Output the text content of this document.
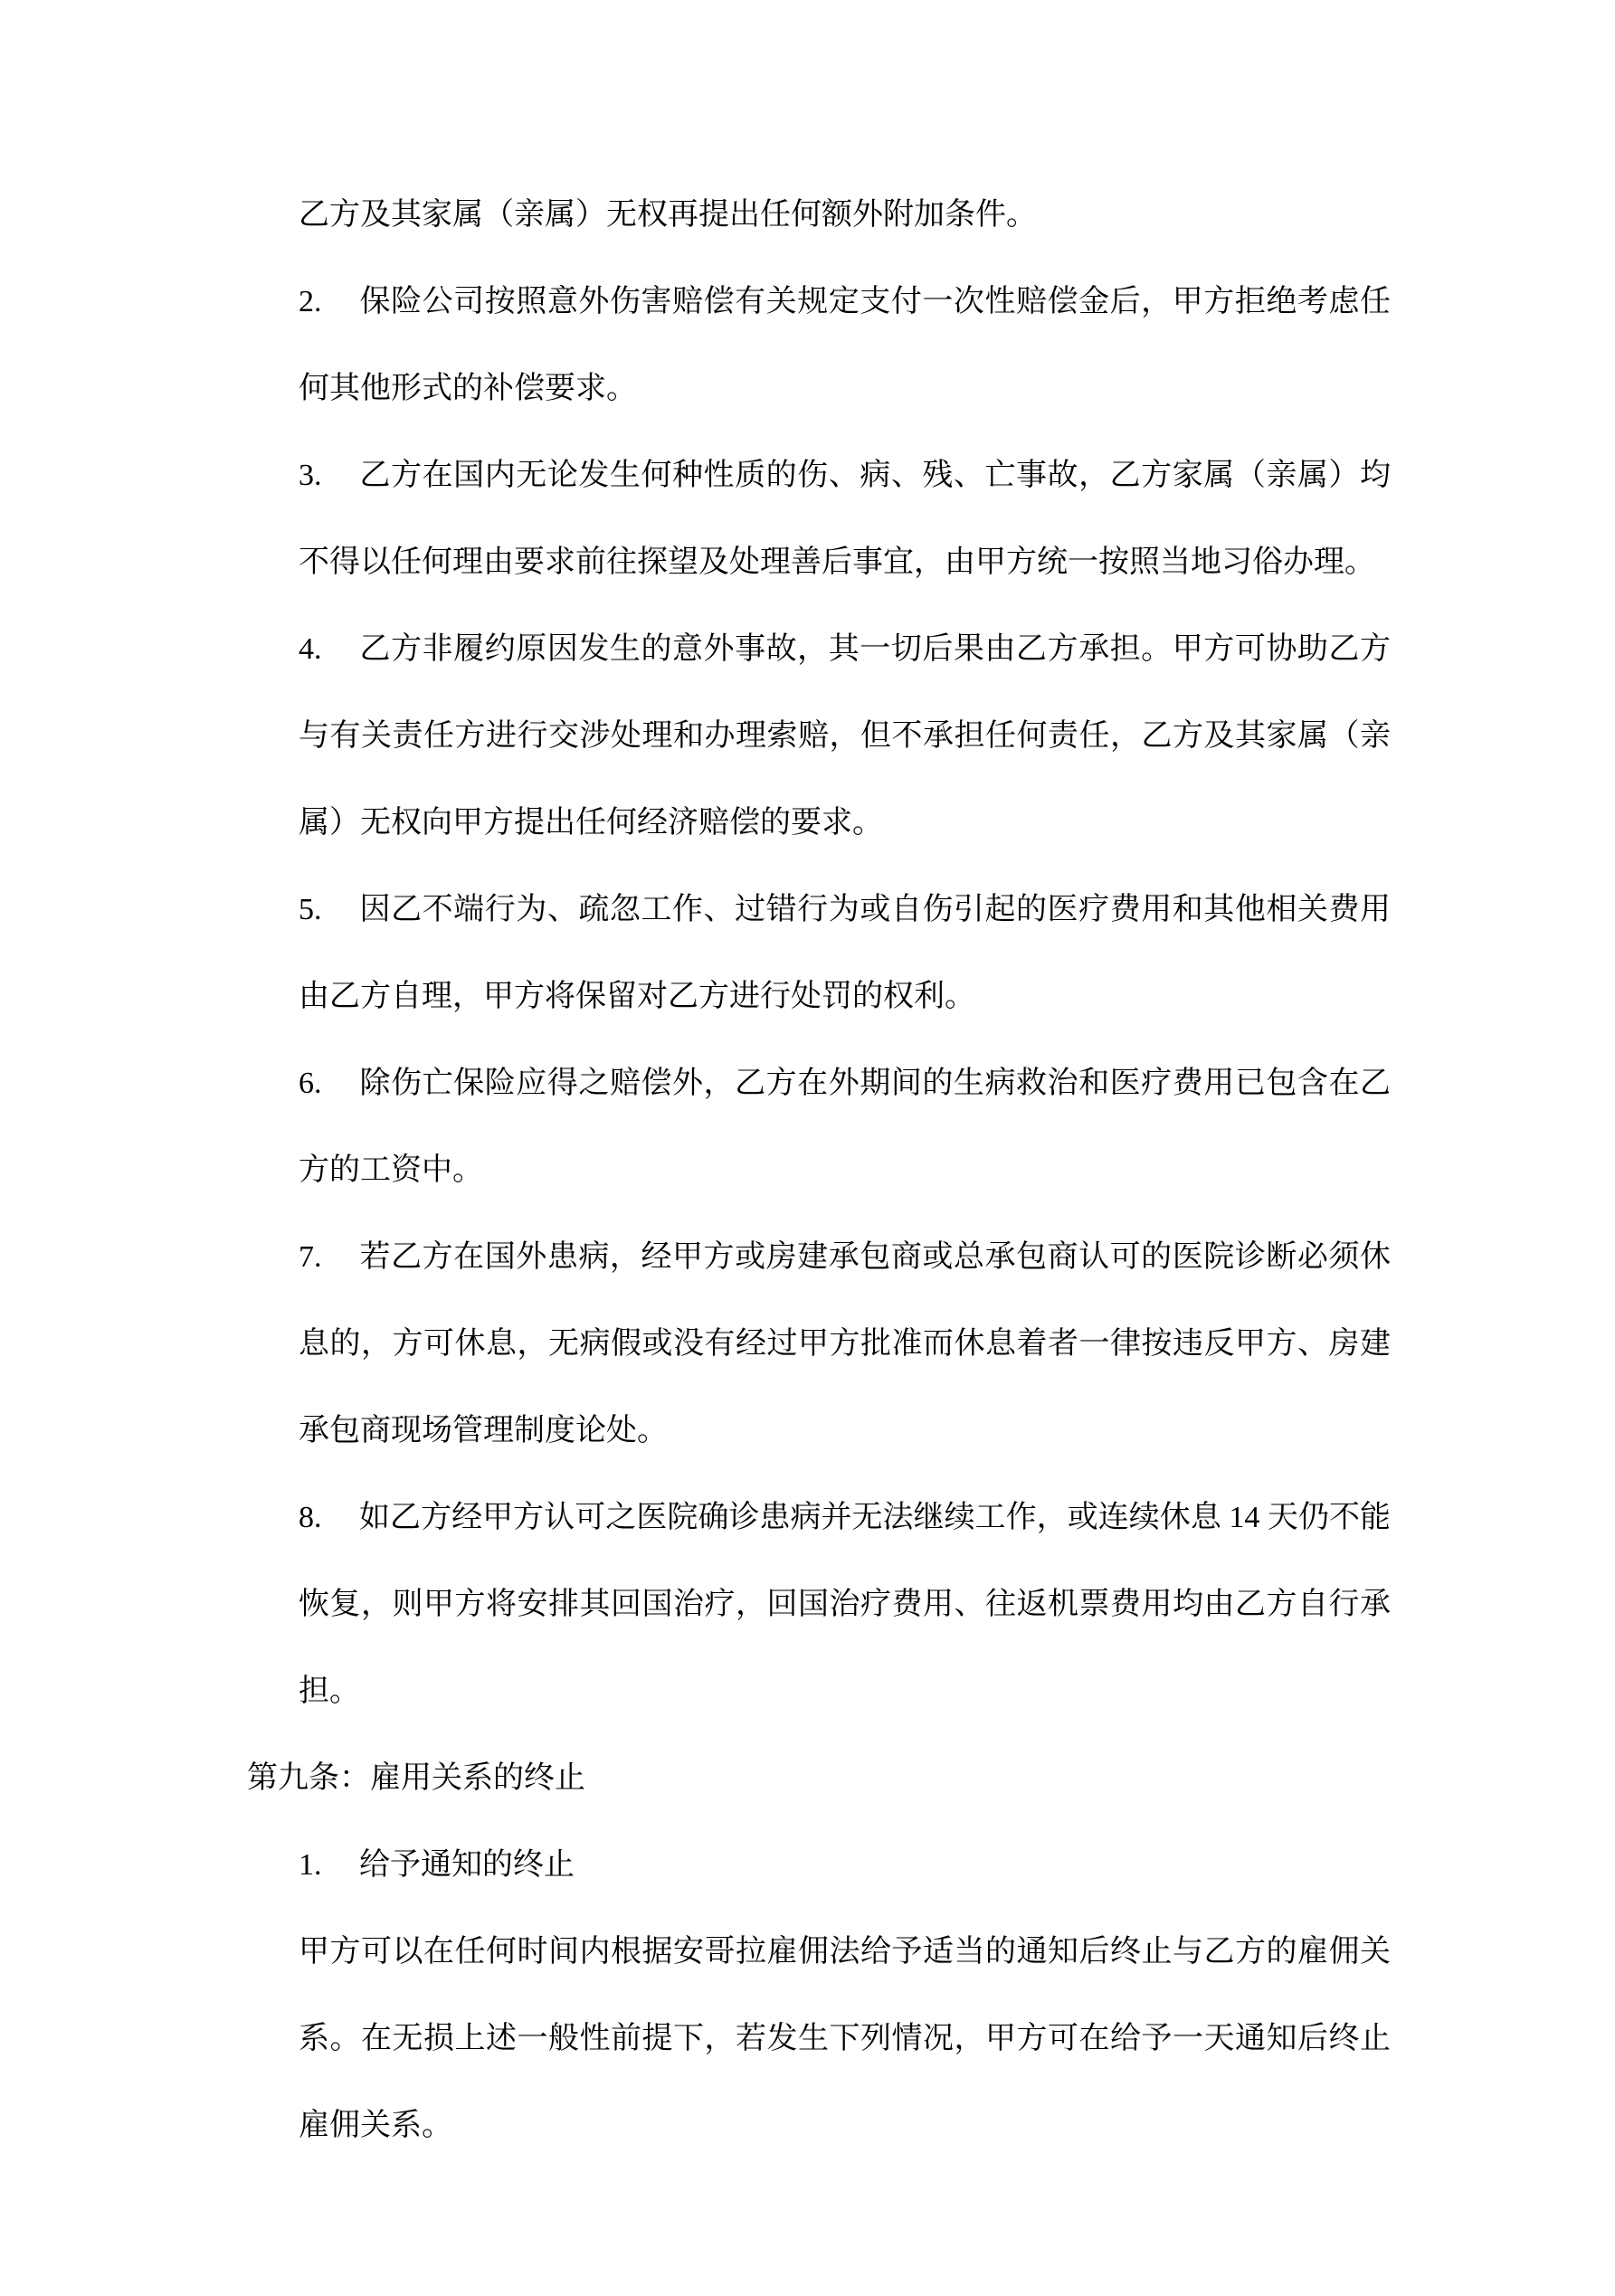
乙方及其家属（亲属）无权再提出任何额外附加条件。

2. 保险公司按照意外伤害赔偿有关规定支付一次性赔偿金后，甲方拒绝考虑任何其他形式的补偿要求。

3. 乙方在国内无论发生何种性质的伤、病、残、亡事故，乙方家属（亲属）均不得以任何理由要求前往探望及处理善后事宜，由甲方统一按照当地习俗办理。

4. 乙方非履约原因发生的意外事故，其一切后果由乙方承担。甲方可协助乙方与有关责任方进行交涉处理和办理索赔，但不承担任何责任，乙方及其家属（亲属）无权向甲方提出任何经济赔偿的要求。

5. 因乙不端行为、疏忽工作、过错行为或自伤引起的医疗费用和其他相关费用由乙方自理，甲方将保留对乙方进行处罚的权利。

6. 除伤亡保险应得之赔偿外，乙方在外期间的生病救治和医疗费用已包含在乙方的工资中。

7. 若乙方在国外患病，经甲方或房建承包商或总承包商认可的医院诊断必须休息的，方可休息，无病假或没有经过甲方批准而休息着者一律按违反甲方、房建承包商现场管理制度论处。

8. 如乙方经甲方认可之医院确诊患病并无法继续工作，或连续休息 14 天仍不能恢复，则甲方将安排其回国治疗，回国治疗费用、往返机票费用均由乙方自行承担。

第九条：雇用关系的终止

1. 给予通知的终止

甲方可以在任何时间内根据安哥拉雇佣法给予适当的通知后终止与乙方的雇佣关系。在无损上述一般性前提下，若发生下列情况，甲方可在给予一天通知后终止雇佣关系。
